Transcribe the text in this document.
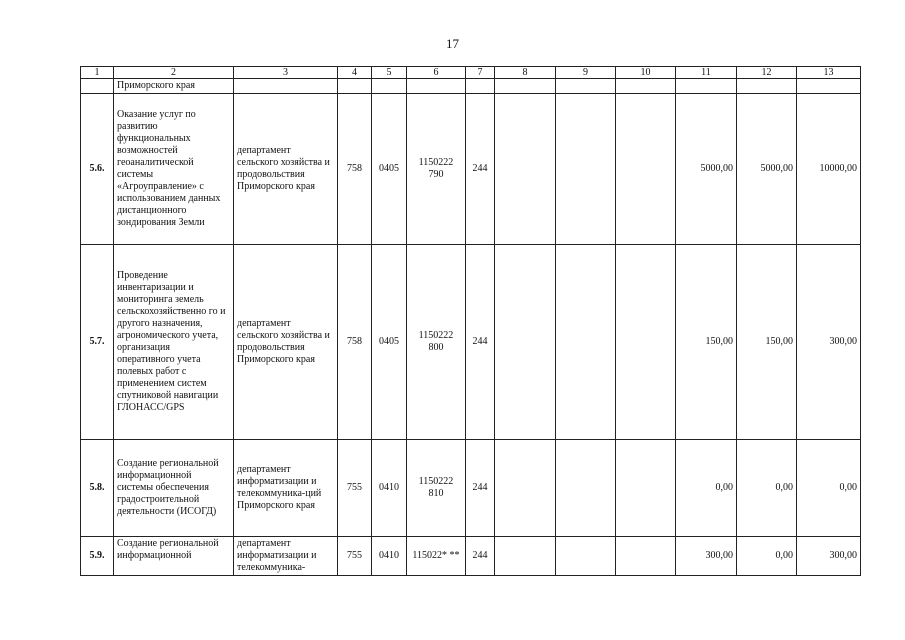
17
1	2	3	4	5	6	7	8	9	10	11	12	13
	Приморского края											
5.6.	Оказание услуг по развитию функциональных возможностей геоаналитической системы «Агроуправление» с использованием данных дистанционного зондирования Земли	департамент сельского хозяйства и продовольствия Приморского края	758	0405	1150222 790	244				5000,00	5000,00	10000,00
5.7.	Проведение инвентаризации и мониторинга земель сельскохозяйственно го и другого назначения, агрономического учета, организация оперативного учета полевых работ с применением систем спутниковой навигации ГЛОНАСС/GPS	департамент сельского хозяйства и продовольствия Приморского края	758	0405	1150222 800	244				150,00	150,00	300,00
5.8.	Создание региональной информационной системы обеспечения градостроительной деятельности (ИСОГД)	департамент информатизации и телекоммуника-ций Приморского края	755	0410	1150222 810	244				0,00	0,00	0,00
5.9.	Создание региональной информационной	департамент информатизации и телекоммуника-	755	0410	115022* **	244				300,00	0,00	300,00
